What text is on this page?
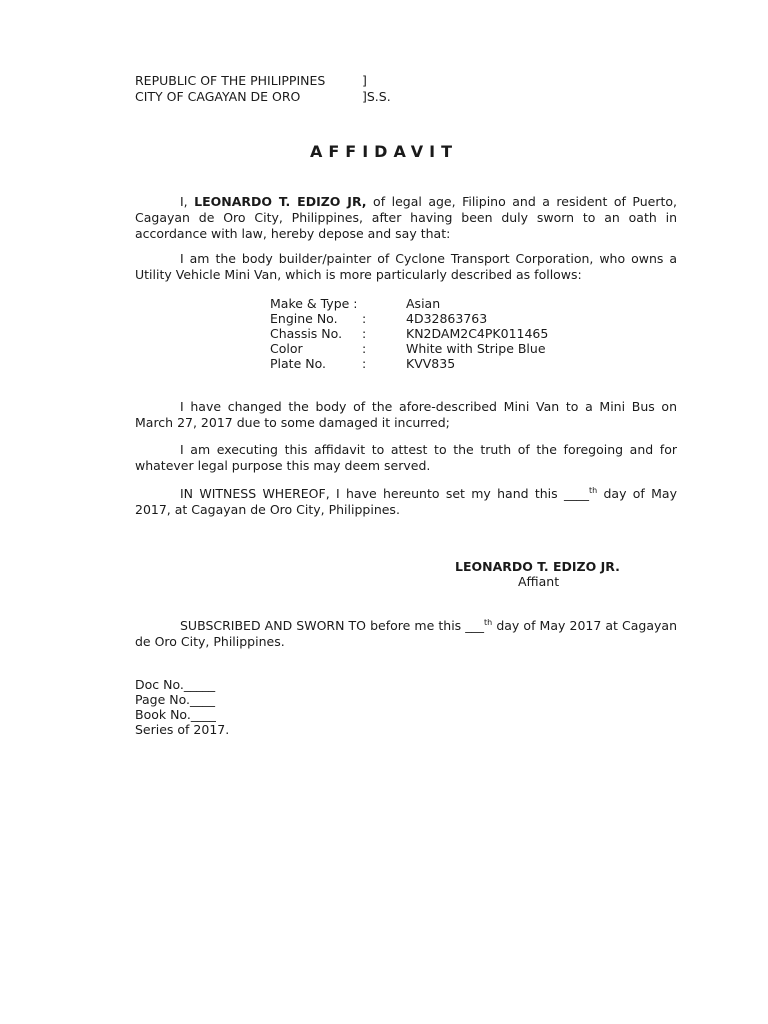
REPUBLIC OF THE PHILIPPINES	]
CITY OF CAGAYAN DE ORO	]S.S.
AFFIDAVIT
I, LEONARDO T. EDIZO JR, of legal age, Filipino and a resident of Puerto, Cagayan de Oro City, Philippines, after having been duly sworn to an oath in accordance with law, hereby depose and say that:
I am the body builder/painter of Cyclone Transport Corporation, who owns a Utility Vehicle Mini Van, which is more particularly described as follows:
Make & Type :	Asian
Engine No. :	4D32863763
Chassis No. :	KN2DAM2C4PK011465
Color	:	White with Stripe Blue
Plate No.	:	KVV835
I have changed the body of the afore-described Mini Van to a Mini Bus on March 27, 2017 due to some damaged it incurred;
I am executing this affidavit to attest to the truth of the foregoing and for whatever legal purpose this may deem served.
IN WITNESS WHEREOF, I have hereunto set my hand this ____$^{th}$ day of May 2017, at Cagayan de Oro City, Philippines.
LEONARDO T. EDIZO JR.
Affiant
SUBSCRIBED AND SWORN TO before me this ___$^{th}$ day of May 2017 at Cagayan de Oro City, Philippines.
Doc No._____
Page No.____
Book No.____
Series of 2017.
